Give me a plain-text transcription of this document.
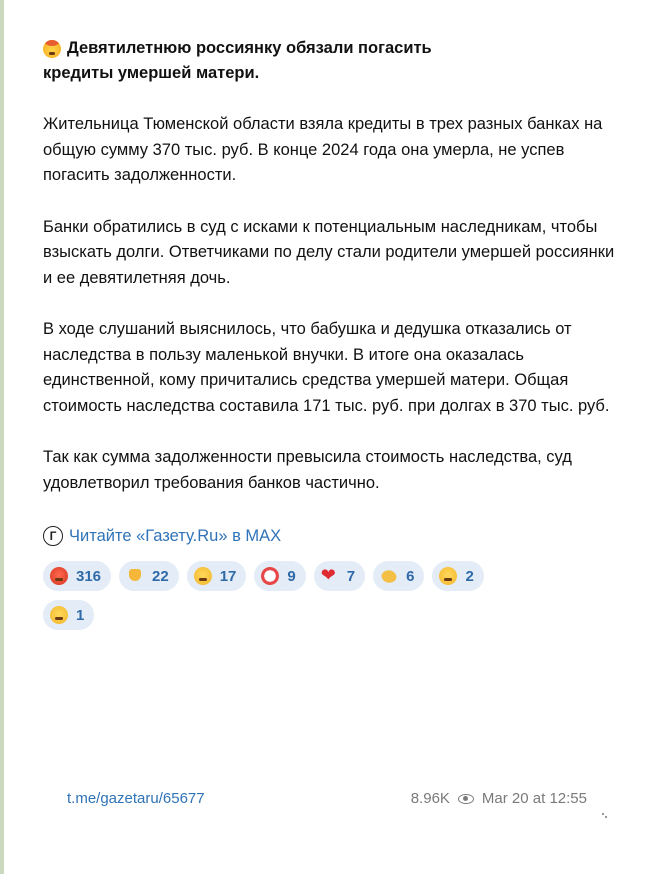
Девятилетнюю россиянку обязали погасить
кредиты умершей матери.

Жительница Тюменской области взяла кредиты в трех разных банках на общую сумму 370 тыс. руб. В конце 2024 года она умерла, не успев погасить задолженности.

Банки обратились в суд с исками к потенциальным наследникам, чтобы взыскать долги. Ответчиками по делу стали родители умершей россиянки и ее девятилетняя дочь.

В ходе слушаний выяснилось, что бабушка и дедушка отказались от наследства в пользу маленькой внучки. В итоге она оказалась единственной, кому причитались средства умершей матери. Общая стоимость наследства составила 171 тыс. руб. при долгах в 370 тыс. руб.

Так как сумма задолженности превысила стоимость наследства, суд удовлетворил требования банков частично.

Г Читайте «Газету.Ru» в MAX
316	22	17	9
❤	7	6	2
1
t.me/gazetaru/65677	8.96K Mar 20 at 12:55
